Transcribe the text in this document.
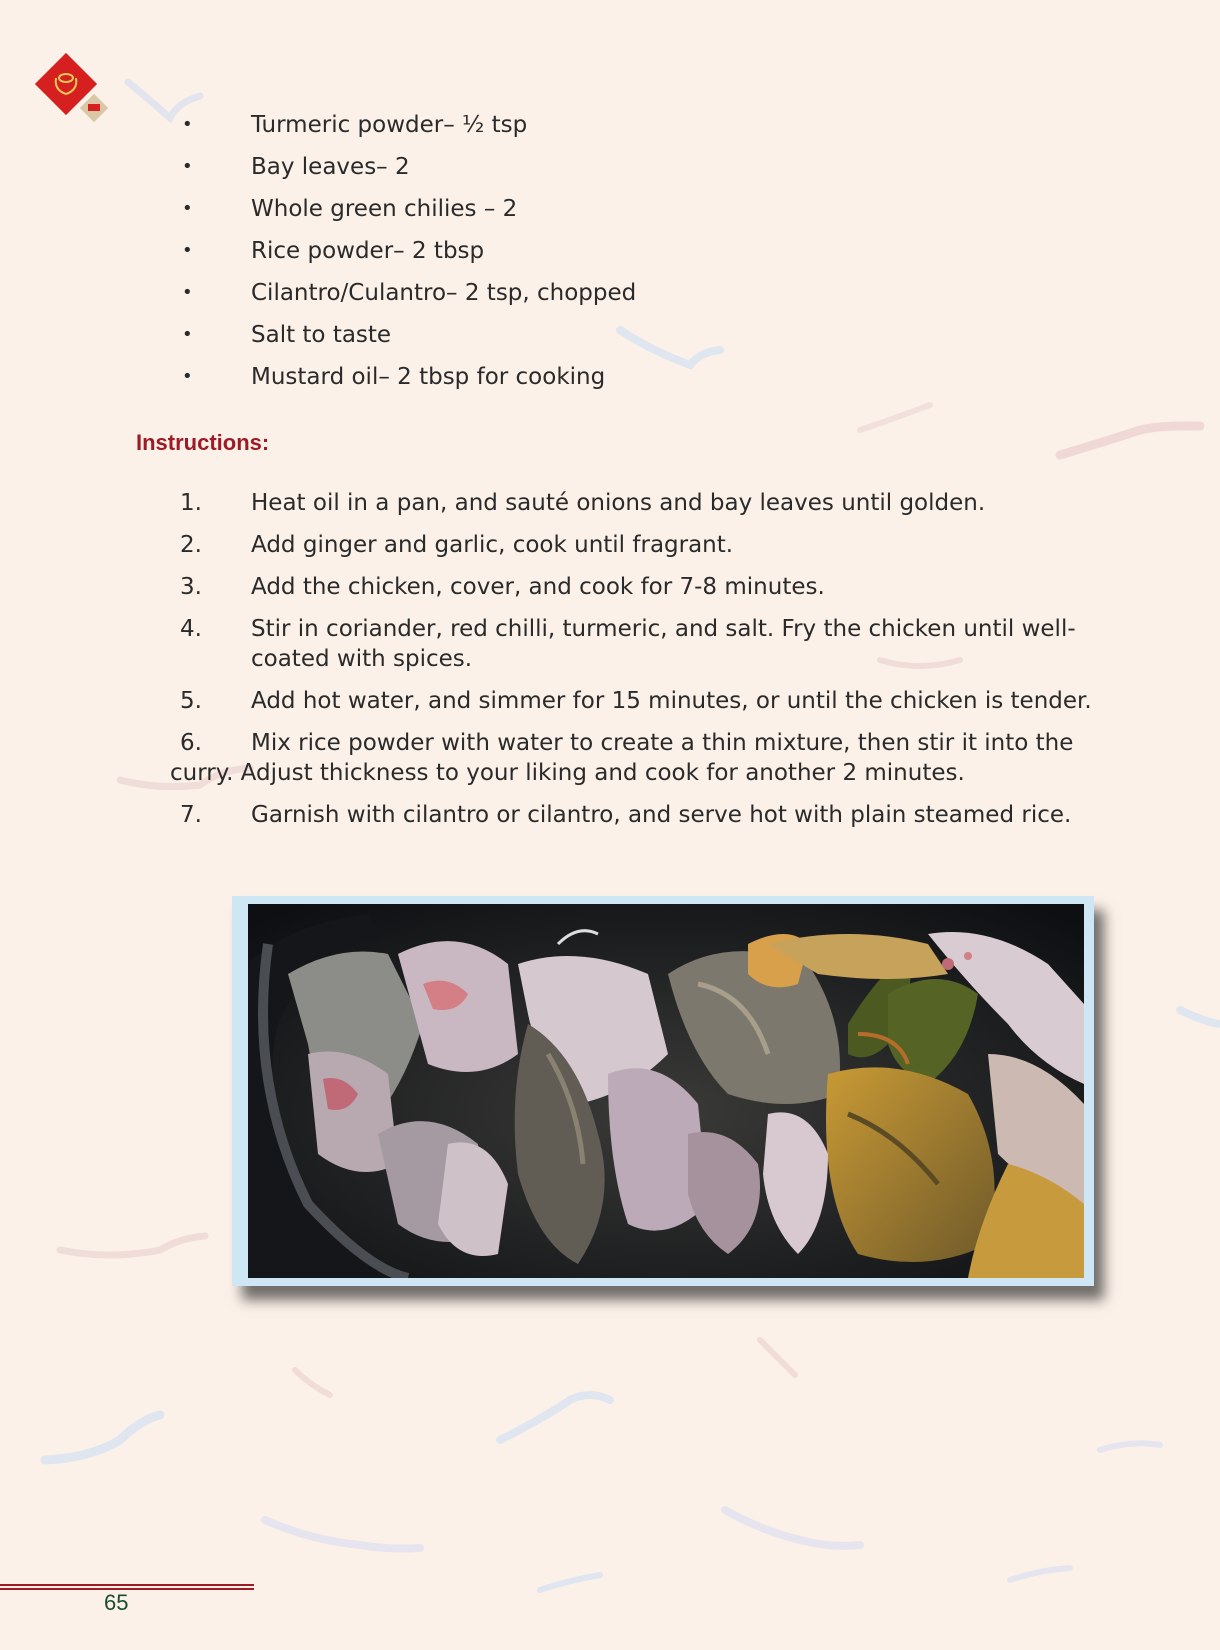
•	Turmeric powder– ½ tsp
•	Bay leaves– 2
•	Whole green chilies – 2
•	Rice powder– 2 tbsp
•	Cilantro/Culantro– 2 tsp, chopped
•	Salt to taste
•	Mustard oil– 2 tbsp for cooking
Instructions:
1.	Heat oil in a pan, and sauté onions and bay leaves until golden.
2.	Add ginger and garlic, cook until fragrant.
3.	Add the chicken, cover, and cook for 7-8 minutes.
4.	Stir in coriander, red chilli, turmeric, and salt. Fry the chicken until well-coated with spices.
5.	Add hot water, and simmer for 15 minutes, or until the chicken is tender.
6. Mix rice powder with water to create a thin mixture, then stir it into the curry. Adjust thickness to your liking and cook for another 2 minutes.
7.	Garnish with cilantro or cilantro, and serve hot with plain steamed rice.
65
